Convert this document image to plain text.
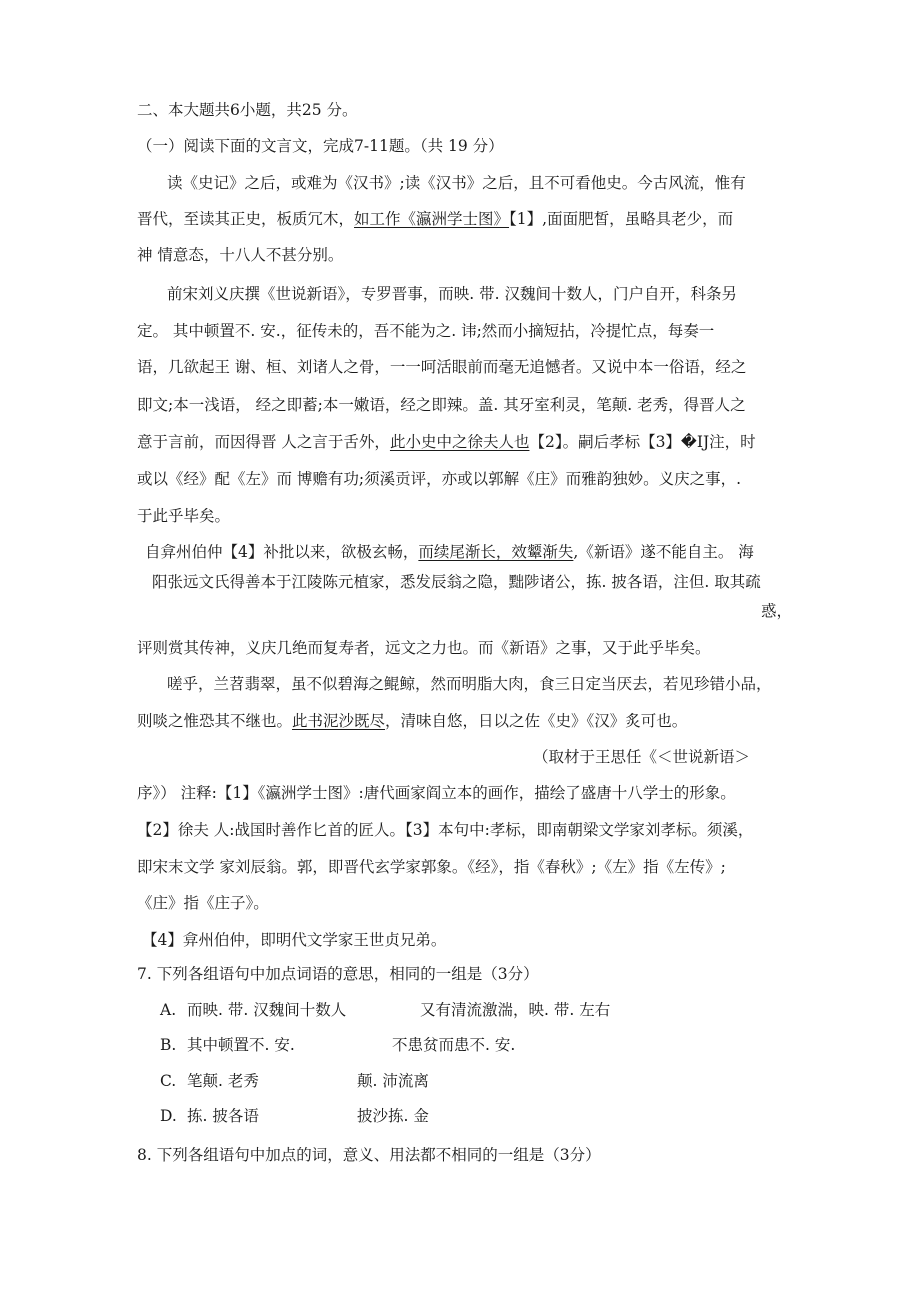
二、本大题共6小题，共25 分。
（一）阅读下面的文言文，完成7-11题。（共 19 分）
读《史记》之后，或难为《汉书》;读《汉书》之后，且不可看他史。今古风流，惟有
晋代，至读其正史，板质冗木，如工作《瀛洲学士图》【1】,面面肥皙，虽略具老少，而
神 情意态，十八人不甚分别。
前宋刘义庆撰《世说新语》，专罗晋事，而映. 带. 汉魏间十数人，门户自开，科条另
定。 其中顿置不. 安.，征传未的，吾不能为之. 讳;然而小摘短拈，冷提忙点，每奏一
语，几欲起王 谢、桓、刘诸人之骨，一一呵活眼前而毫无追憾者。又说中本一俗语，经之
即文;本一浅语， 经之即蓄;本一嫩语，经之即辣。盖. 其牙室利灵，笔颠. 老秀，得晋人之
意于言前，而因得晋 人之言于舌外，此小史中之徐夫人也【2】。嗣后孝标【3】�IJ注，时
或以《经》配《左》而 博赡有功;须溪贡评，亦或以郭解《庄》而雅韵独妙。义庆之事，.
于此乎毕矣。
自弇州伯仲【4】补批以来，欲极玄畅，而续尾渐长，效颦渐失,《新语》遂不能自主。 海
阳张远文氏得善本于江陵陈元植家，悉发辰翁之隐，黜陟诸公，拣. 披各语，注但. 取其疏
惑，
评则赏其传神，义庆几绝而复寿者，远文之力也。而《新语》之事，又于此乎毕矣。
嗟乎，兰苕翡翠，虽不似碧海之鲲鲸，然而明脂大肉，食三日定当厌去，若见珍错小品，
则啖之惟恐其不继也。此书泥沙既尽，清味自悠，日以之佐《史》《汉》炙可也。
（取材于王思任《＜世说新语＞
序》） 注释:【1】《瀛洲学士图》:唐代画家阎立本的画作，描绘了盛唐十八学士的形象。
【2】徐夫 人:战国时善作匕首的匠人。【3】本句中:孝标，即南朝梁文学家刘孝标。须溪，
即宋末文学 家刘辰翁。郭，即晋代玄学家郭象。《经》，指《春秋》;《左》指《左传》;
《庄》指《庄子》。
【4】弇州伯仲，即明代文学家王世贞兄弟。
7. 下列各组语句中加点词语的意思，相同的一组是（3分）
A. 而映. 带. 汉魏间十数人	又有清流激湍，映. 带. 左右
B. 其中顿置不. 安.	不患贫而患不. 安.
C. 笔颠. 老秀	颠. 沛流离
D. 拣. 披各语	披沙拣. 金
8. 下列各组语句中加点的词，意义、用法都不相同的一组是（3分）
